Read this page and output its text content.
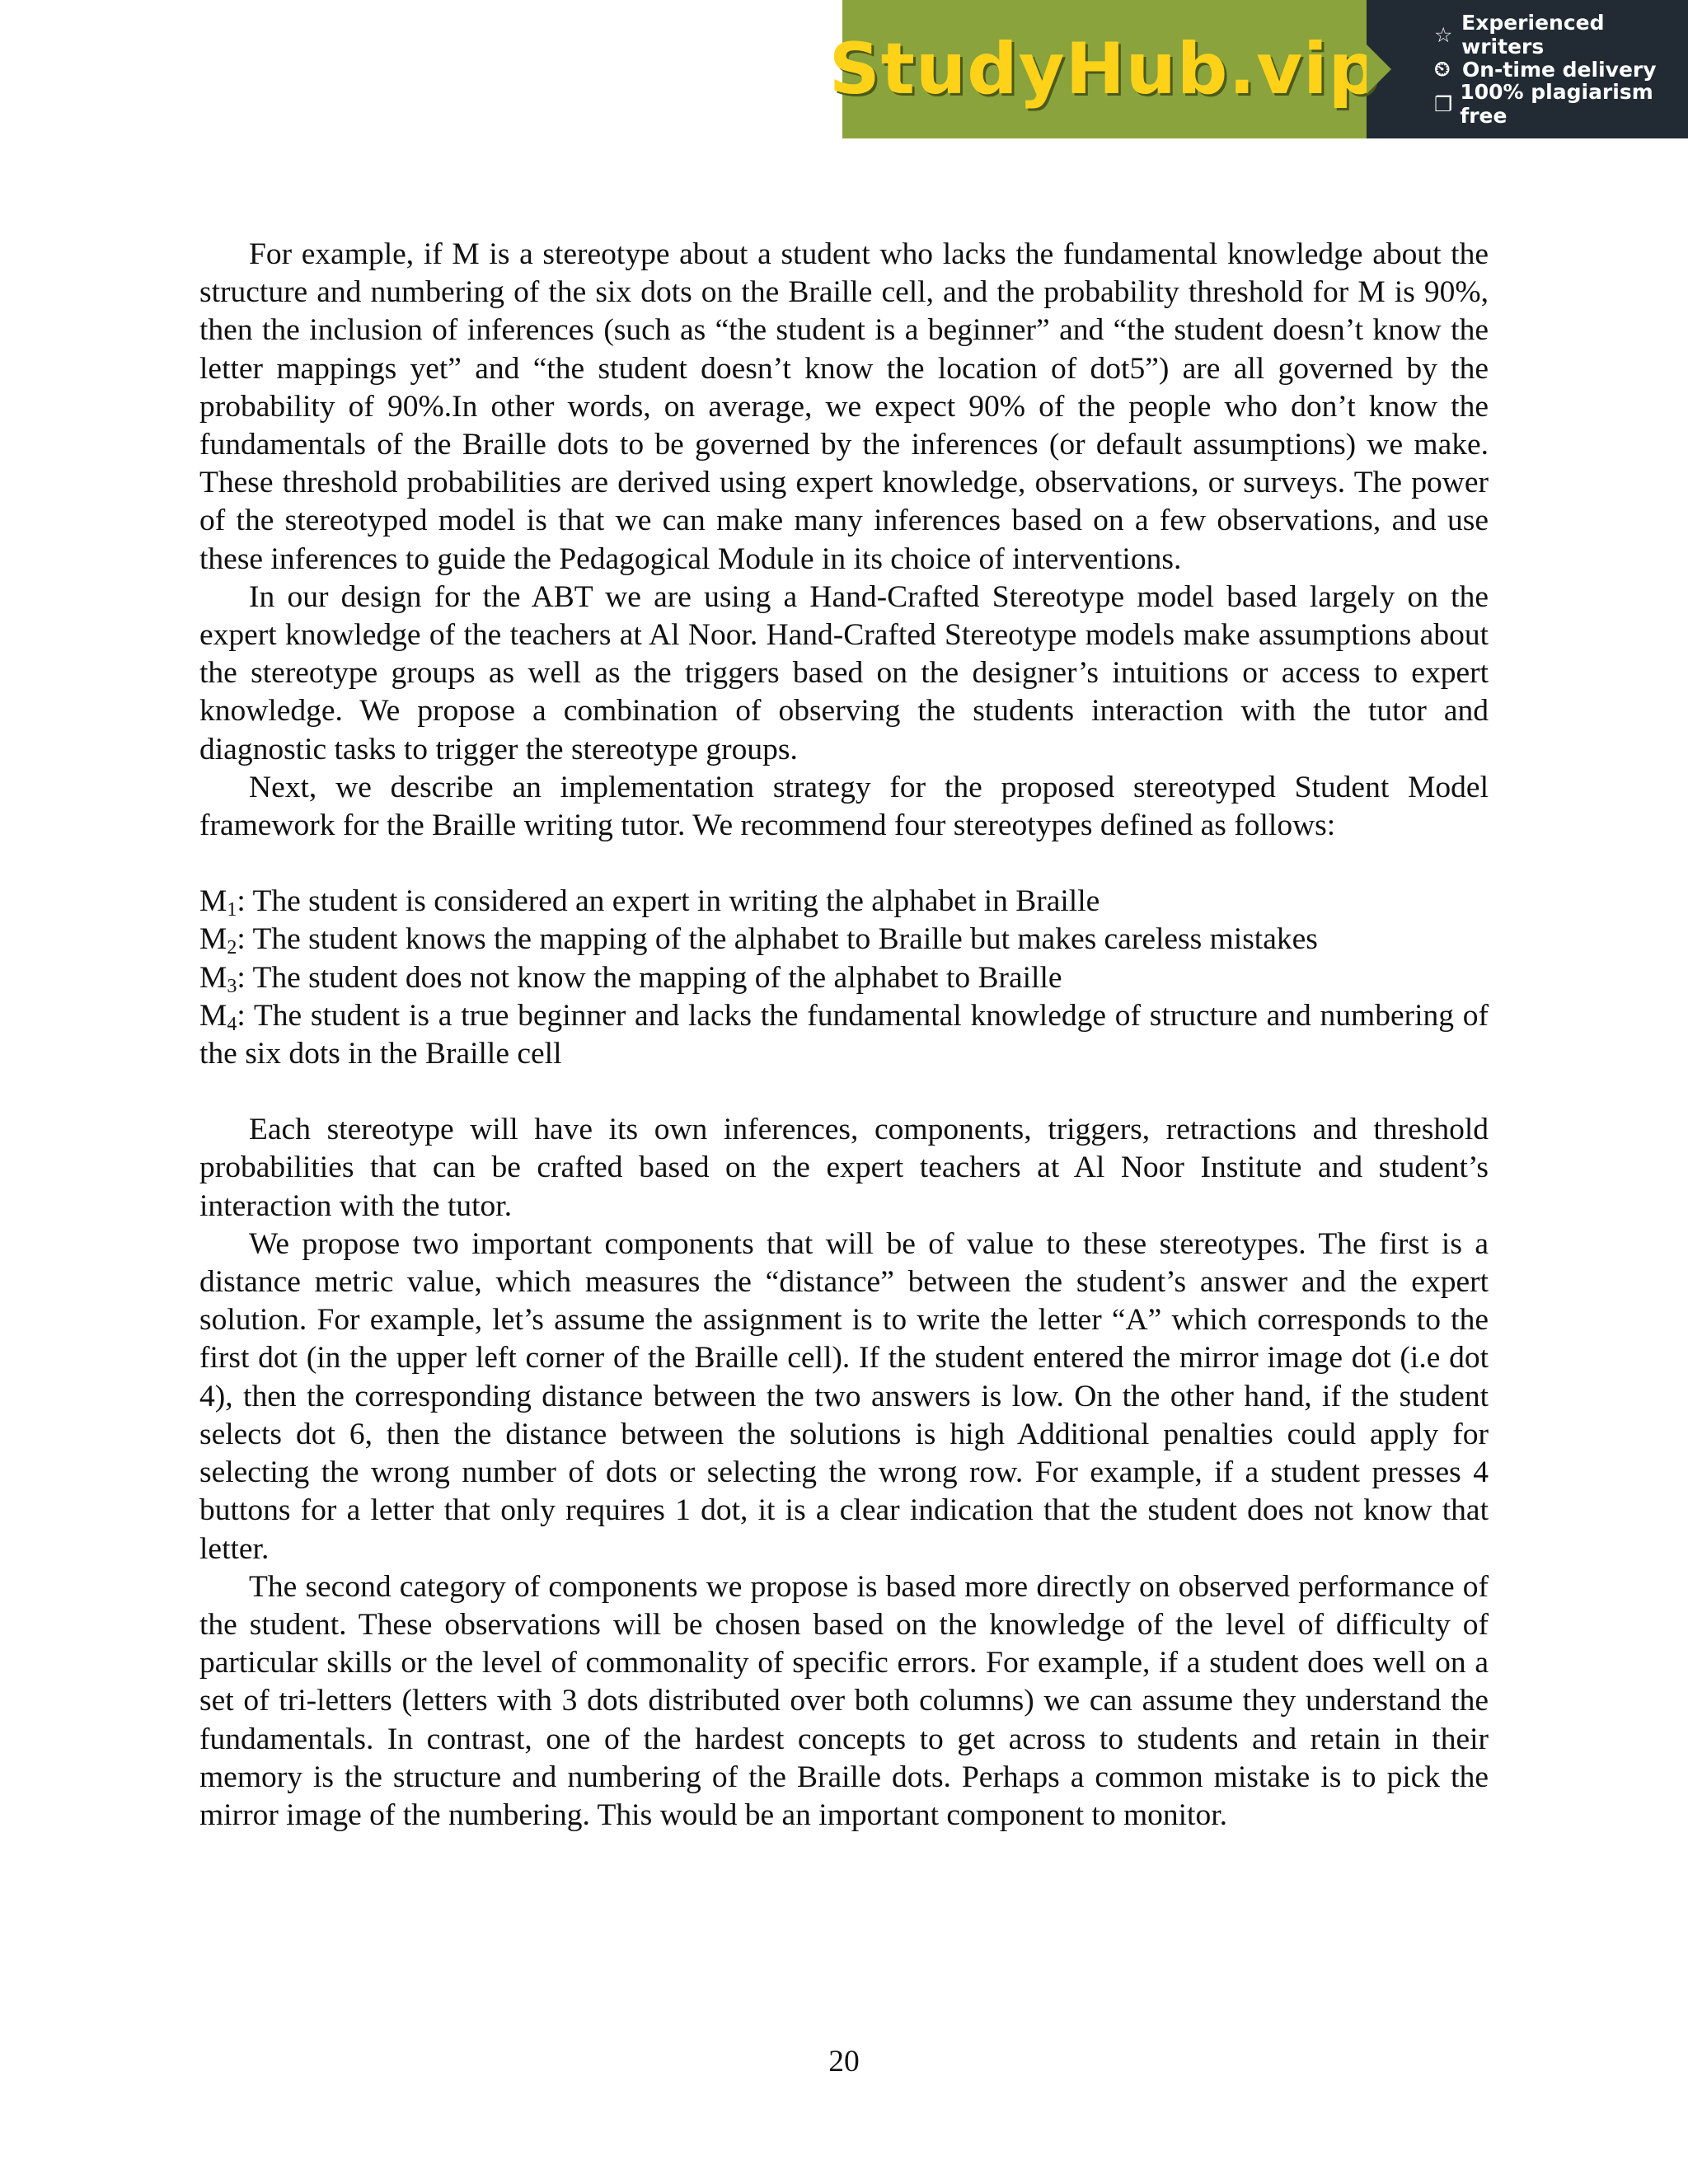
StudyHub.vip	☆ Experienced writers
⏲ On-time delivery
❐ 100% plagiarism free

For example, if M is a stereotype about a student who lacks the fundamental knowledge about the structure and numbering of the six dots on the Braille cell, and the probability threshold for M is 90%, then the inclusion of inferences (such as “the student is a beginner” and “the student doesn’t know the letter mappings yet” and “the student doesn’t know the location of dot5”) are all governed by the probability of 90%.In other words, on average, we expect 90% of the people who don’t know the fundamentals of the Braille dots to be governed by the inferences (or default assumptions) we make. These threshold probabilities are derived using expert knowledge, observations, or surveys. The power of the stereotyped model is that we can make many inferences based on a few observations, and use these inferences to guide the Pedagogical Module in its choice of interventions.

In our design for the ABT we are using a Hand-Crafted Stereotype model based largely on the expert knowledge of the teachers at Al Noor. Hand-Crafted Stereotype models make assumptions about the stereotype groups as well as the triggers based on the designer’s intuitions or access to expert knowledge. We propose a combination of observing the students interaction with the tutor and diagnostic tasks to trigger the stereotype groups.

Next, we describe an implementation strategy for the proposed stereotyped Student Model framework for the Braille writing tutor. We recommend four stereotypes defined as follows:

$M_1$: The student is considered an expert in writing the alphabet in Braille

$M_2$: The student knows the mapping of the alphabet to Braille but makes careless mistakes

$M_3$: The student does not know the mapping of the alphabet to Braille

$M_4$: The student is a true beginner and lacks the fundamental knowledge of structure and numbering of the six dots in the Braille cell

Each stereotype will have its own inferences, components, triggers, retractions and threshold probabilities that can be crafted based on the expert teachers at Al Noor Institute and student’s interaction with the tutor.

We propose two important components that will be of value to these stereotypes. The first is a distance metric value, which measures the “distance” between the student’s answer and the expert solution. For example, let’s assume the assignment is to write the letter “A” which corresponds to the first dot (in the upper left corner of the Braille cell). If the student entered the mirror image dot (i.e dot 4), then the corresponding distance between the two answers is low. On the other hand, if the student selects dot 6, then the distance between the solutions is high Additional penalties could apply for selecting the wrong number of dots or selecting the wrong row. For example, if a student presses 4 buttons for a letter that only requires 1 dot, it is a clear indication that the student does not know that letter.

The second category of components we propose is based more directly on observed performance of the student. These observations will be chosen based on the knowledge of the level of difficulty of particular skills or the level of commonality of specific errors. For example, if a student does well on a set of tri-letters (letters with 3 dots distributed over both columns) we can assume they understand the fundamentals. In contrast, one of the hardest concepts to get across to students and retain in their memory is the structure and numbering of the Braille dots. Perhaps a common mistake is to pick the mirror image of the numbering. This would be an important component to monitor.

20
